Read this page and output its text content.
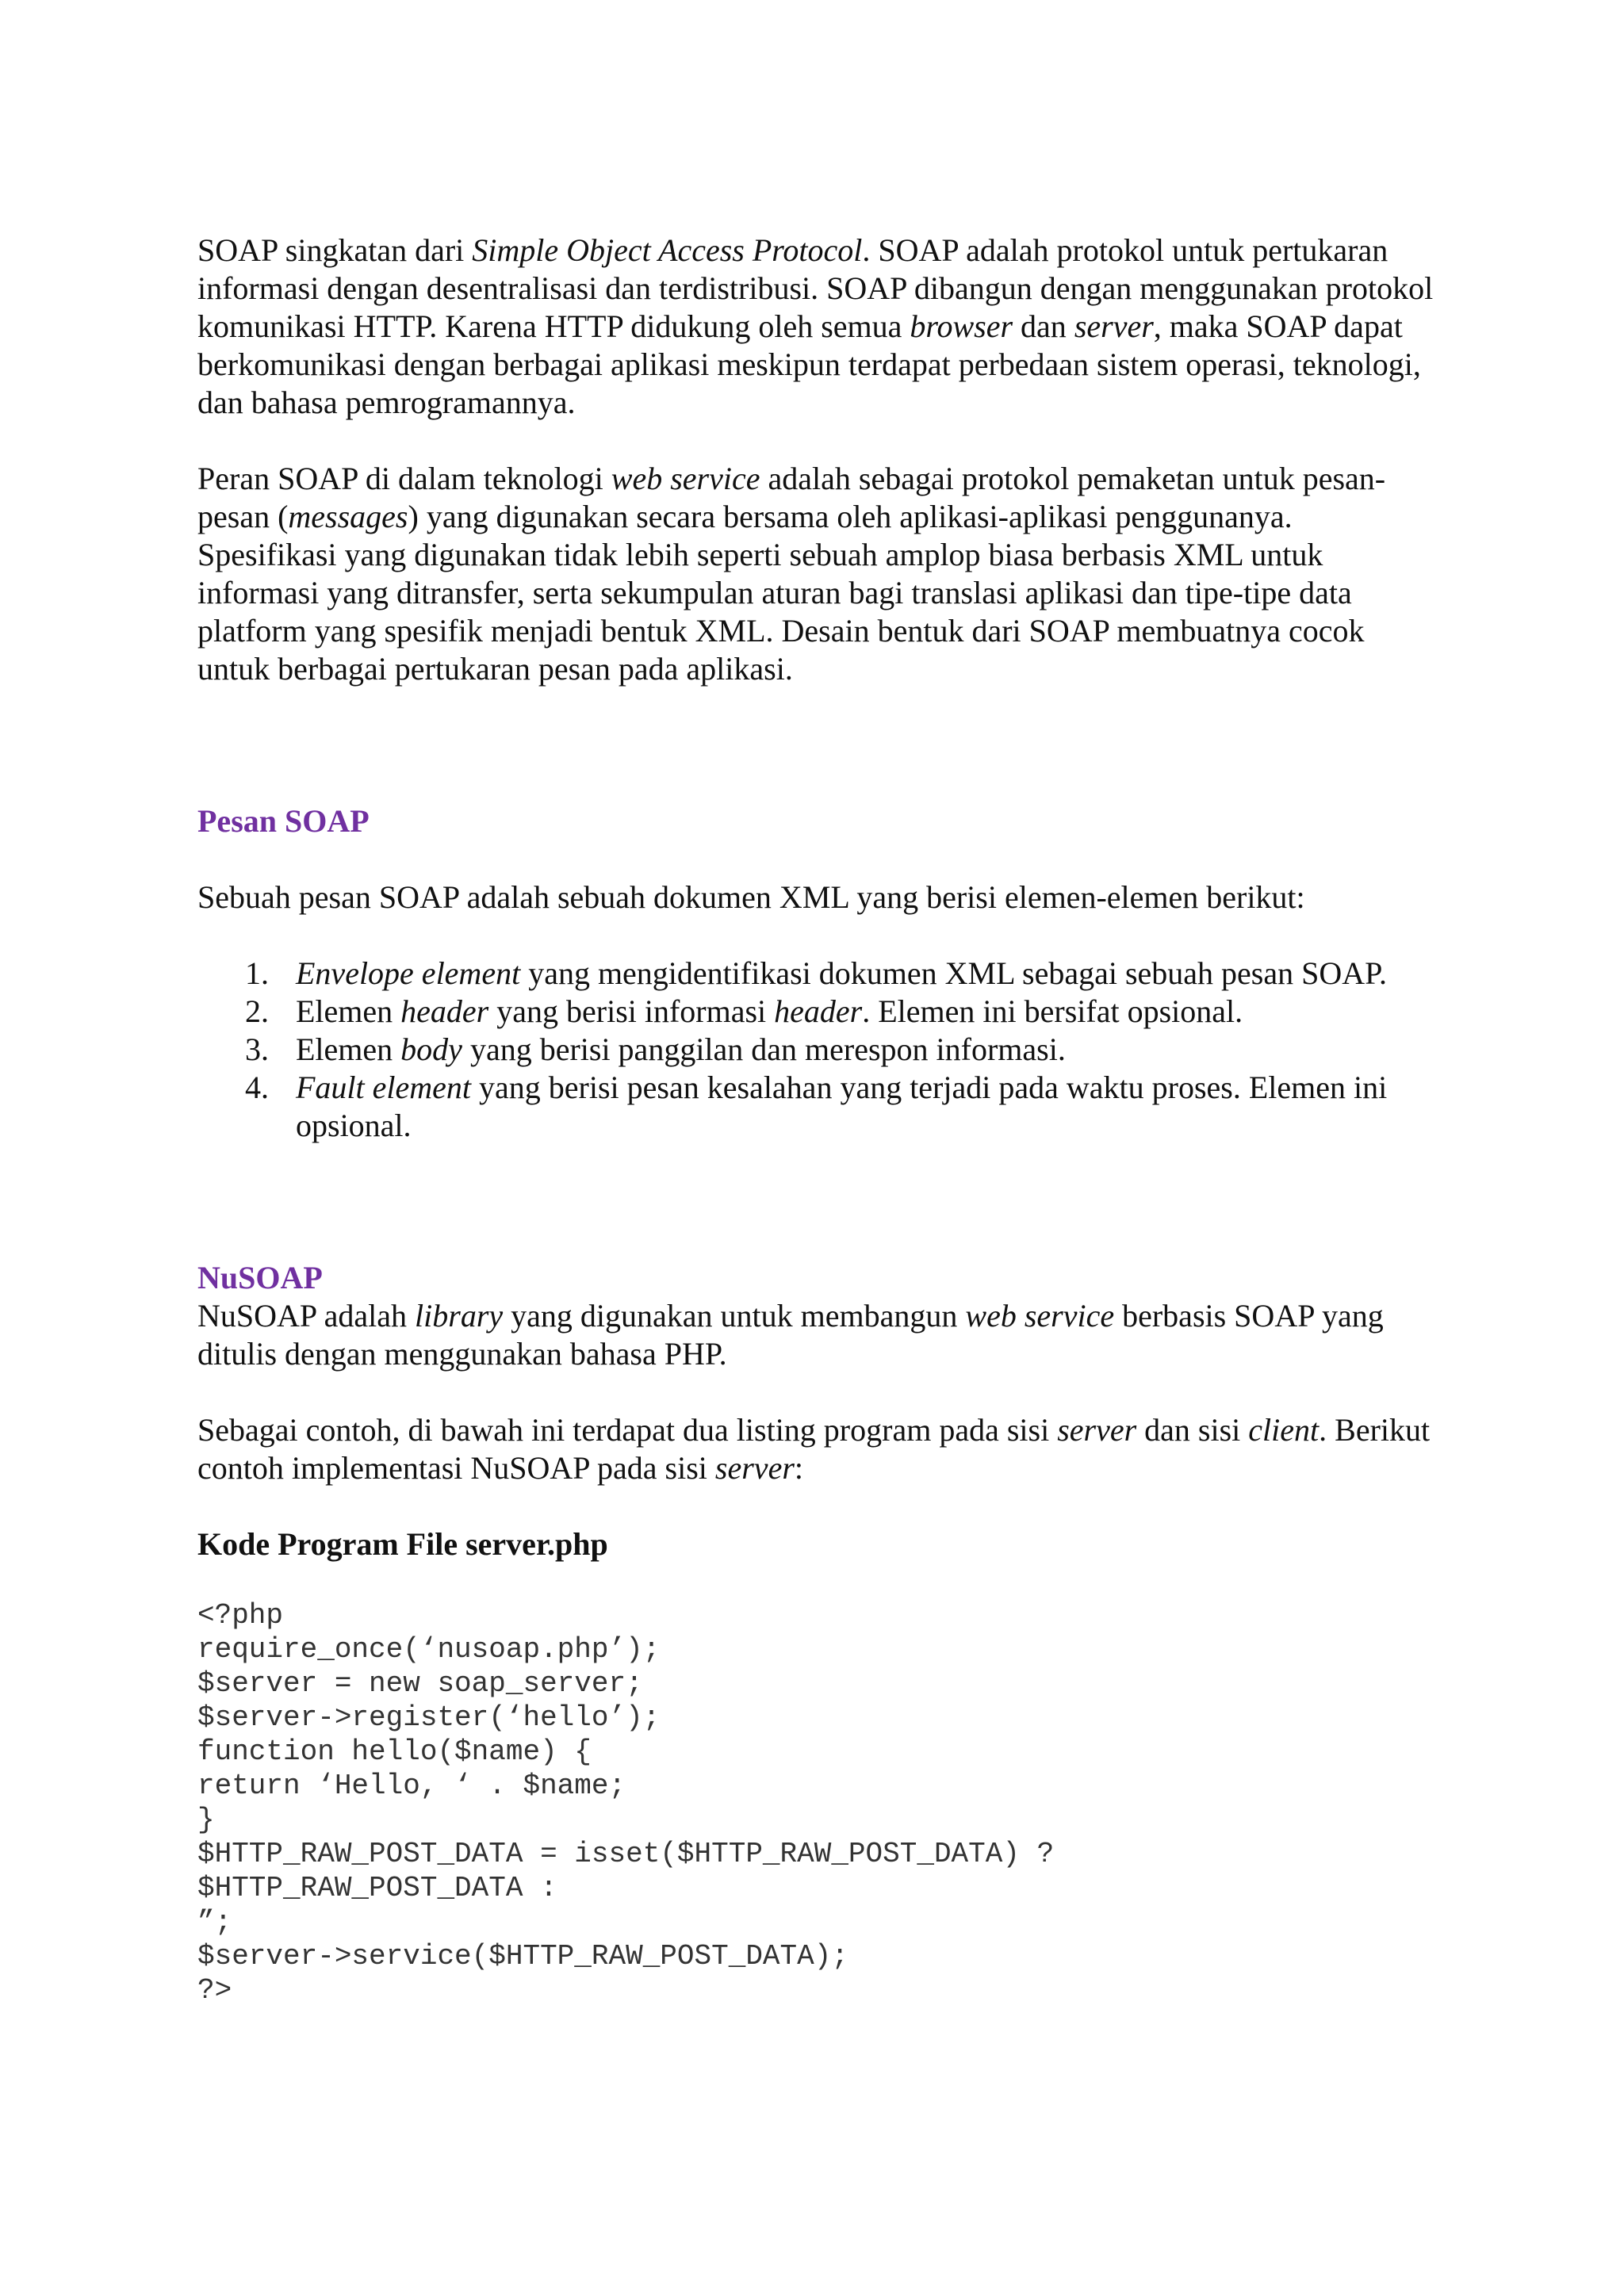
SOAP singkatan dari Simple Object Access Protocol. SOAP adalah protokol untuk pertukaran informasi dengan desentralisasi dan terdistribusi. SOAP dibangun dengan menggunakan protokol komunikasi HTTP. Karena HTTP didukung oleh semua browser dan server, maka SOAP dapat berkomunikasi dengan berbagai aplikasi meskipun terdapat perbedaan sistem operasi, teknologi, dan bahasa pemrogramannya.

Peran SOAP di dalam teknologi web service adalah sebagai protokol pemaketan untuk pesan-pesan (messages) yang digunakan secara bersama oleh aplikasi-aplikasi penggunanya. Spesifikasi yang digunakan tidak lebih seperti sebuah amplop biasa berbasis XML untuk informasi yang ditransfer, serta sekumpulan aturan bagi translasi aplikasi dan tipe-tipe data platform yang spesifik menjadi bentuk XML. Desain bentuk dari SOAP membuatnya cocok untuk berbagai pertukaran pesan pada aplikasi.

Pesan SOAP

Sebuah pesan SOAP adalah sebuah dokumen XML yang berisi elemen-elemen berikut:

1. Envelope element yang mengidentifikasi dokumen XML sebagai sebuah pesan SOAP.
2. Elemen header yang berisi informasi header. Elemen ini bersifat opsional.
3. Elemen body yang berisi panggilan dan merespon informasi.
4. Fault element yang berisi pesan kesalahan yang terjadi pada waktu proses. Elemen ini opsional.
NuSOAP

NuSOAP adalah library yang digunakan untuk membangun web service berbasis SOAP yang ditulis dengan menggunakan bahasa PHP.

Sebagai contoh, di bawah ini terdapat dua listing program pada sisi server dan sisi client. Berikut contoh implementasi NuSOAP pada sisi server:

Kode Program File server.php
<?php
require_once(‘nusoap.php’);
$server = new soap_server;
$server->register(‘hello’);
function hello($name) {
return ‘Hello, ‘ . $name;
}
$HTTP_RAW_POST_DATA = isset($HTTP_RAW_POST_DATA) ?
$HTTP_RAW_POST_DATA :
”;
$server->service($HTTP_RAW_POST_DATA);
?>
